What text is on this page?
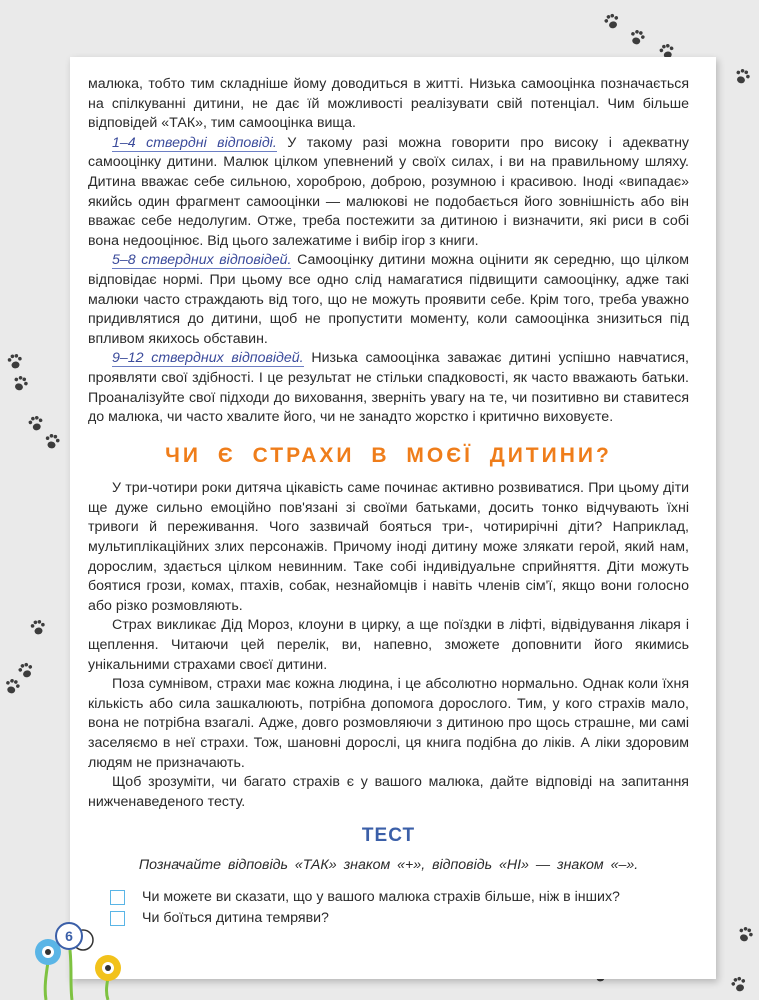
6

малюка, тобто тим складніше йому доводиться в житті. Низька самооцінка позначається на спілкуванні дитини, не дає їй можливості реалізувати свій потенціал. Чим більше відповідей «ТАК», тим самооцінка вища.

1–4 ствердні відповіді. У такому разі можна говорити про високу і адекватну самооцінку дитини. Малюк цілком упевнений у своїх силах, і ви на правильному шляху. Дитина вважає себе сильною, хороброю, доброю, розумною і красивою. Іноді «випадає» якийсь один фрагмент самооцінки — малюкові не подобається його зовнішність або він вважає себе недолугим. Отже, треба постежити за дитиною і визначити, які риси в собі вона недооцінює. Від цього залежатиме і вибір ігор з книги.

5–8 ствердних відповідей. Самооцінку дитини можна оцінити як середню, що цілком відповідає нормі. При цьому все одно слід намагатися підвищити самооцінку, адже такі малюки часто страждають від того, що не можуть проявити себе. Крім того, треба уважно придивлятися до дитини, щоб не пропустити моменту, коли самооцінка знизиться під впливом якихось обставин.

9–12 ствердних відповідей. Низька самооцінка заважає дитині успішно навчатися, проявляти свої здібності. І це результат не стільки спадковості, як часто вважають батьки. Проаналізуйте свої підходи до виховання, зверніть увагу на те, чи позитивно ви ставитеся до малюка, чи часто хвалите його, чи не занадто жорстко і критично виховуєте.

ЧИ Є СТРАХИ В МОЄЇ ДИТИНИ?

У три-чотири роки дитяча цікавість саме починає активно розвиватися. При цьому діти ще дуже сильно емоційно пов'язані зі своїми батьками, досить тонко відчувають їхні тривоги й переживання. Чого зазвичай бояться три-, чотирирічні діти? Наприклад, мультиплікаційних злих персонажів. Причому іноді дитину може злякати герой, який нам, дорослим, здається цілком невинним. Таке собі індивідуальне сприйняття. Діти можуть боятися грози, комах, птахів, собак, незнайомців і навіть членів сім'ї, якщо вони голосно або різко розмовляють.

Страх викликає Дід Мороз, клоуни в цирку, а ще поїздки в ліфті, відвідування лікаря і щеплення. Читаючи цей перелік, ви, напевно, зможете доповнити його якимись унікальними страхами своєї дитини.

Поза сумнівом, страхи має кожна людина, і це абсолютно нормально. Однак коли їхня кількість або сила зашкалюють, потрібна допомога дорослого. Тим, у кого страхів мало, вона не потрібна взагалі. Адже, довго розмовляючи з дитиною про щось страшне, ми самі заселяємо в неї страхи. Тож, шановні дорослі, ця книга подібна до ліків. А ліки здоровим людям не призначають.

Щоб зрозуміти, чи багато страхів є у вашого малюка, дайте відповіді на запитання нижченаведеного тесту.

ТЕСТ

Позначайте відповідь «ТАК» знаком «+», відповідь «НІ» — знаком «–».

Чи можете ви сказати, що у вашого малюка страхів більше, ніж в інших?
Чи боїться дитина темряви?
